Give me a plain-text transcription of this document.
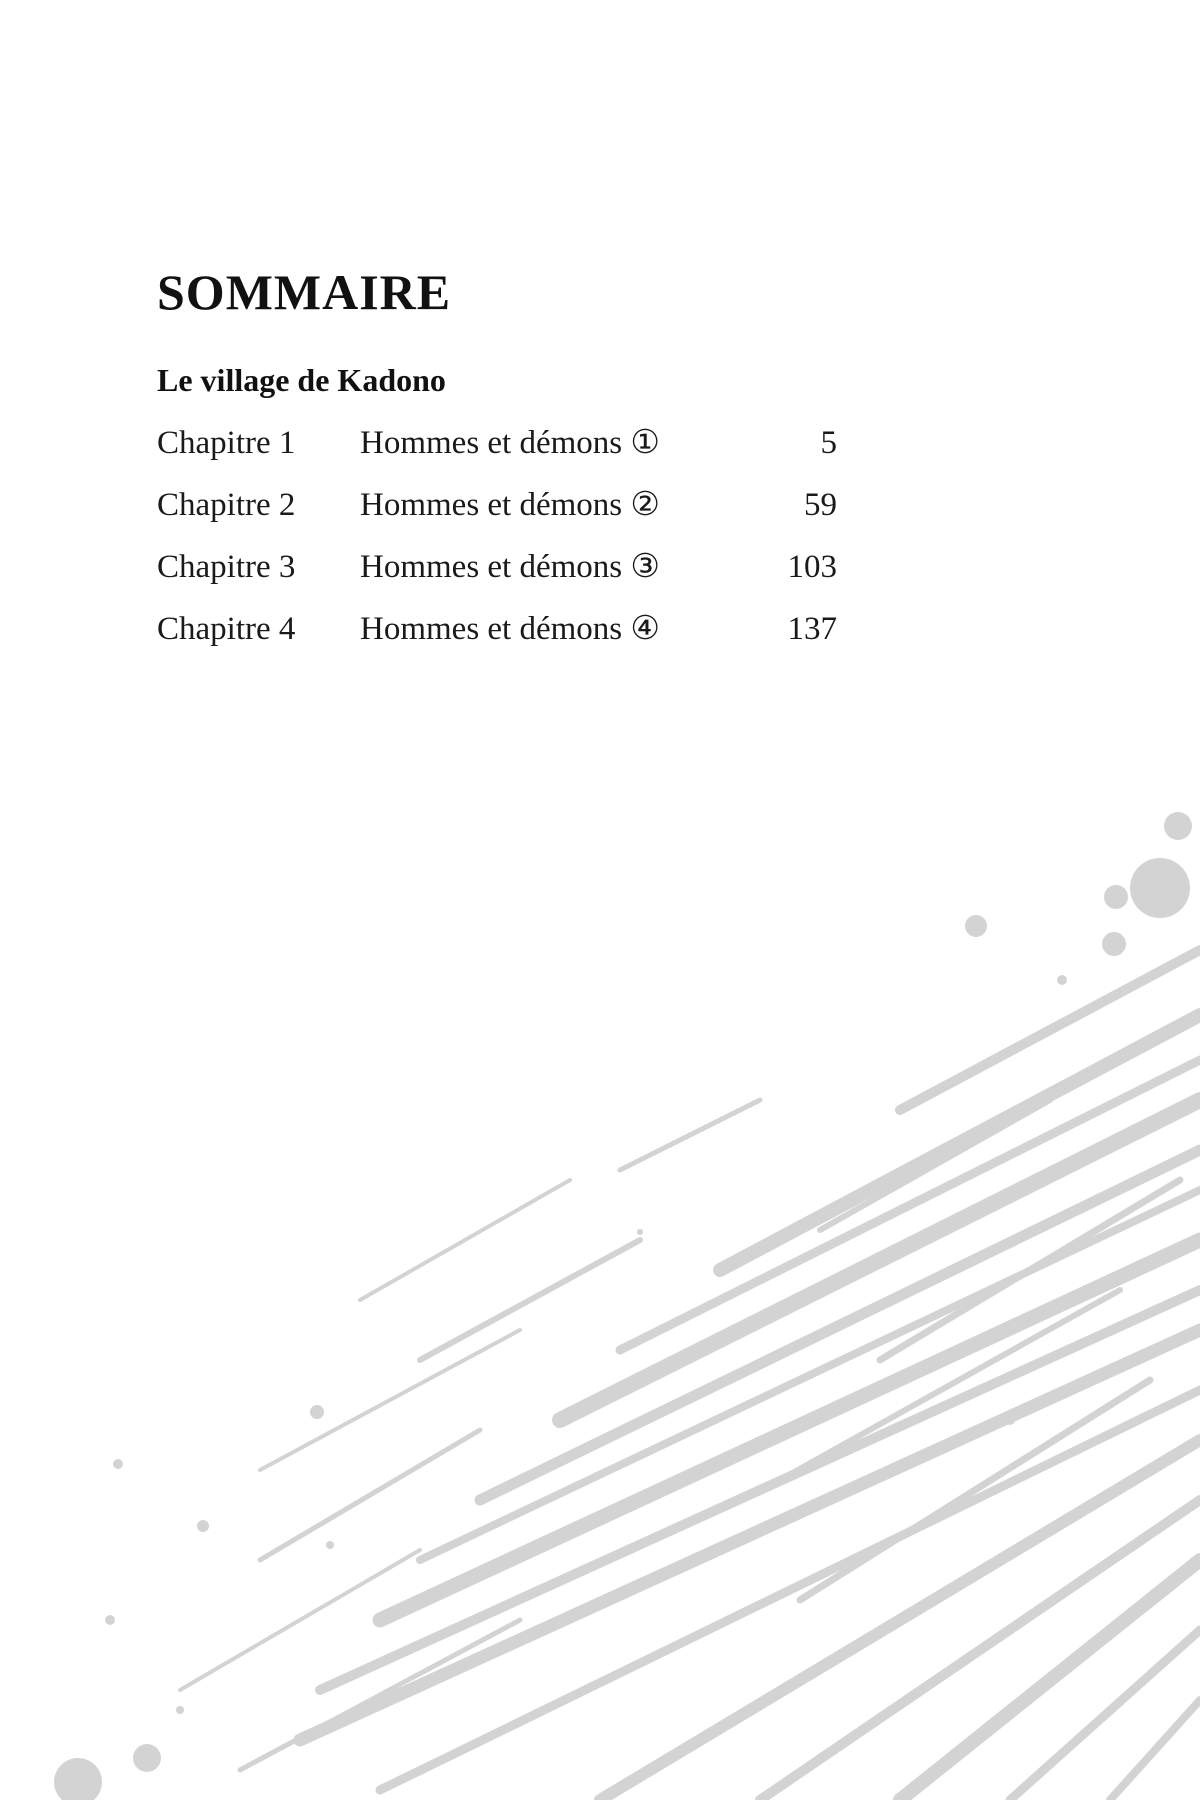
SOMMAIRE
Le village de Kadono
Chapitre 1	Hommes et démons ①	5
Chapitre 2	Hommes et démons ②	59
Chapitre 3	Hommes et démons ③	103
Chapitre 4	Hommes et démons ④	137
